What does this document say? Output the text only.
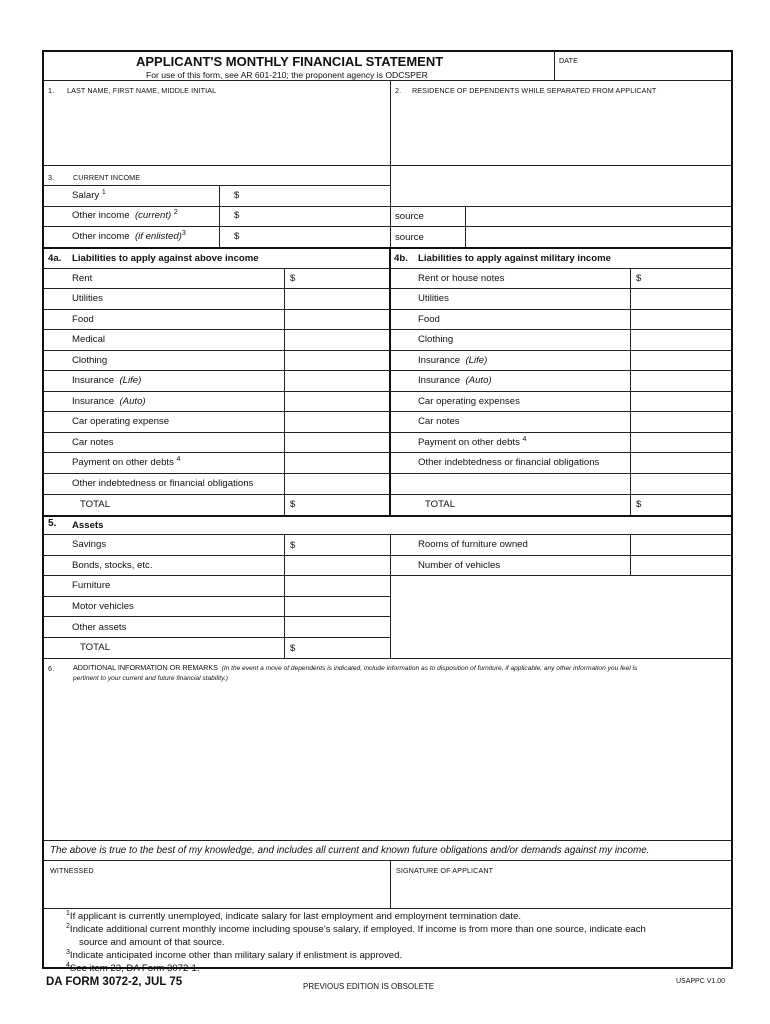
APPLICANT'S MONTHLY FINANCIAL STATEMENT
For use of this form, see AR 601-210; the proponent agency is ODCSPER
DATE
1. LAST NAME, FIRST NAME, MIDDLE INITIAL	2. RESIDENCE OF DEPENDENTS WHILE SEPARATED FROM APPLICANT
3.	CURRENT INCOME
Salary $^1$	$
Other income (current) $^2$	$	source
Other income (if enlisted)$^3$	$	source
4a. Liabilities to apply against above income	4b. Liabilities to apply against military income
Rent	$
Utilities
Food
Medical
Clothing
Insurance (Life)
Insurance (Auto)
Car operating expense
Car notes
Payment on other debts $^4$
Other indebtedness or financial obligations
TOTAL	$
Rent or house notes	$
Utilities
Food
Clothing
Insurance (Life)
Insurance (Auto)
Car operating expenses
Car notes
Payment on other debts $^4$
Other indebtedness or financial obligations
TOTAL	$
5. Assets
Savings	$
Bonds, stocks, etc.
Furniture
Motor vehicles
Other assets
TOTAL	$
Rooms of furniture owned
Number of vehicles
6.	ADDITIONAL INFORMATION OR REMARKS (In the event a move of dependents is indicated, include information as to disposition of furniture, if applicable, any other information you feel is
pertinent to your current and future financial stability.)
The above is true to the best of my knowledge, and includes all current and known future obligations and/or demands against my income.
WITNESSED	SIGNATURE OF APPLICANT
$^1$If applicant is currently unemployed, indicate salary for last employment and employment termination date.
$^2$Indicate additional current monthly income including spouse's salary, if employed. If income is from more than one source, indicate each
source and amount of that source.
$^3$Indicate anticipated income other than military salary if enlistment is approved.
$^4$See item 23, DA Form 3072-1.
DA FORM 3072-2, JUL 75	PREVIOUS EDITION IS OBSOLETE
USAPPC V1.00
